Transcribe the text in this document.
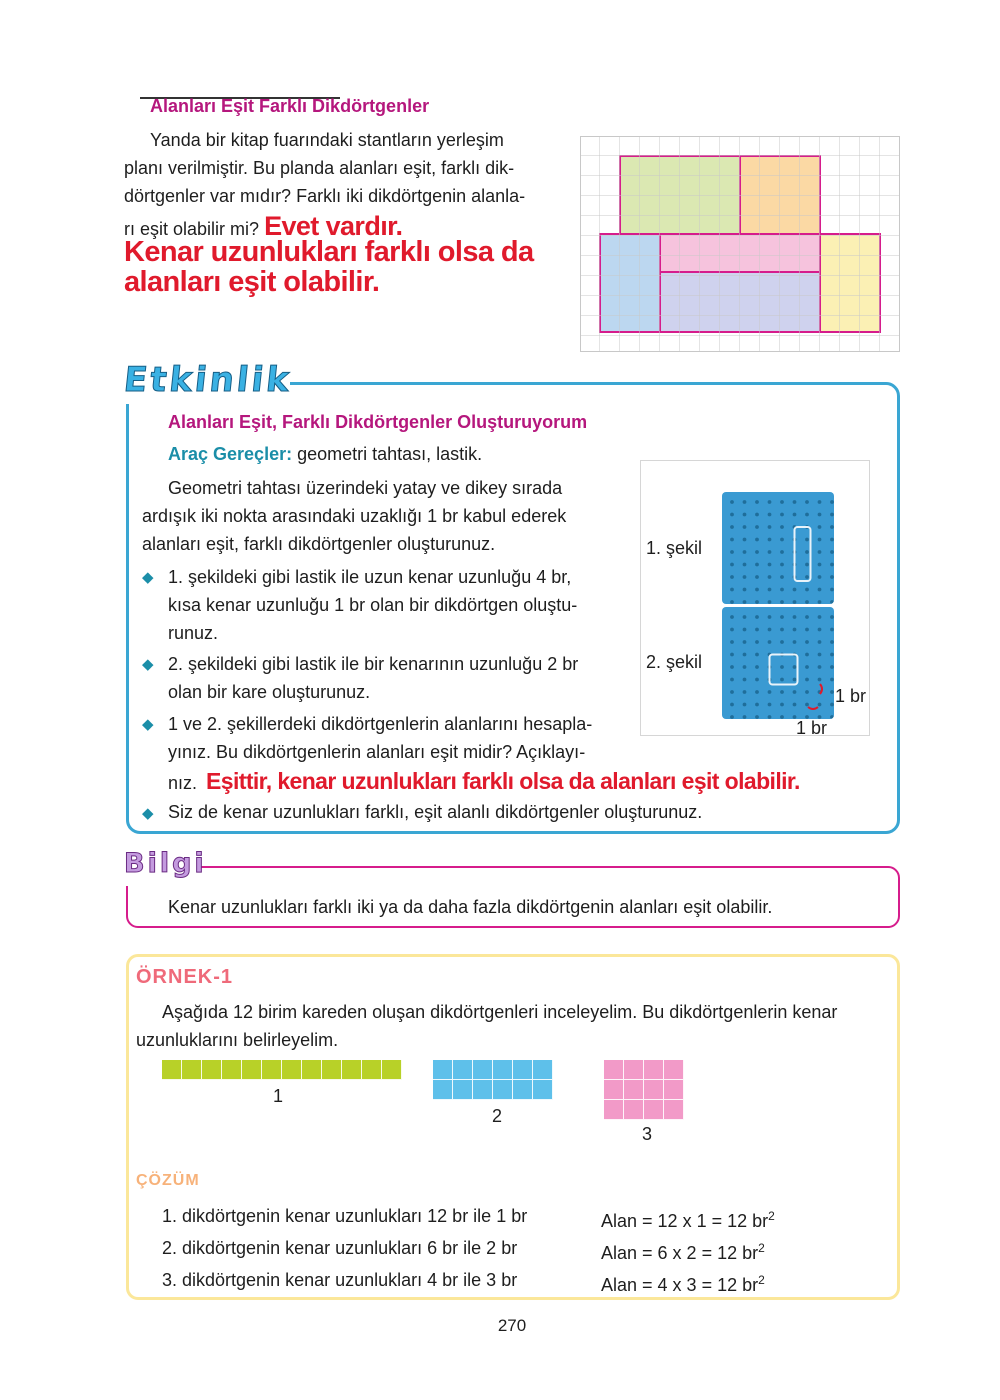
Alanları Eşit Farklı Dikdörtgenler
Yanda bir kitap fuarındaki stantların yerleşim
planı verilmiştir. Bu planda alanları eşit, farklı dik-
dörtgenler var mıdır? Farklı iki dikdörtgenin alanla-
rı eşit olabilir mi? Evet vardır.
Kenar uzunlukları farklı olsa da
alanları eşit olabilir.
Etkinlik
Alanları Eşit, Farklı Dikdörtgenler Oluşturuyorum
Araç Gereçler: geometri tahtası, lastik.
Geometri tahtası üzerindeki yatay ve dikey sırada
ardışık iki nokta arasındaki uzaklığı 1 br kabul ederek
alanları eşit, farklı dikdörtgenler oluşturunuz.
◆ 1. şekildeki gibi lastik ile uzun kenar uzunluğu 4 br,
kısa kenar uzunluğu 1 br olan bir dikdörtgen oluştu-
runuz.
◆ 2. şekildeki gibi lastik ile bir kenarının uzunluğu 2 br
olan bir kare oluşturunuz.
◆ 1 ve 2. şekillerdeki dikdörtgenlerin alanlarını hesapla-
yınız. Bu dikdörtgenlerin alanları eşit midir? Açıklayı-
nız. Eşittir, kenar uzunlukları farklı olsa da alanları eşit olabilir.
◆ Siz de kenar uzunlukları farklı, eşit alanlı dikdörtgenler oluşturunuz.
1. şekil
2. şekil
1 br
1 br
Bilgi
Kenar uzunlukları farklı iki ya da daha fazla dikdörtgenin alanları eşit olabilir.
ÖRNEK-1
Aşağıda 12 birim kareden oluşan dikdörtgenleri inceleyelim. Bu dikdörtgenlerin kenar
uzunluklarını belirleyelim.
1
2
3
ÇÖZÜM
1. dikdörtgenin kenar uzunlukları 12 br ile 1 br	Alan = 12 x 1 = 12 $br^2$
2. dikdörtgenin kenar uzunlukları 6 br ile 2 br	Alan = 6 x 2 = 12 $br^2$
3. dikdörtgenin kenar uzunlukları 4 br ile 3 br	Alan = 4 x 3 = 12 $br^2$
270
